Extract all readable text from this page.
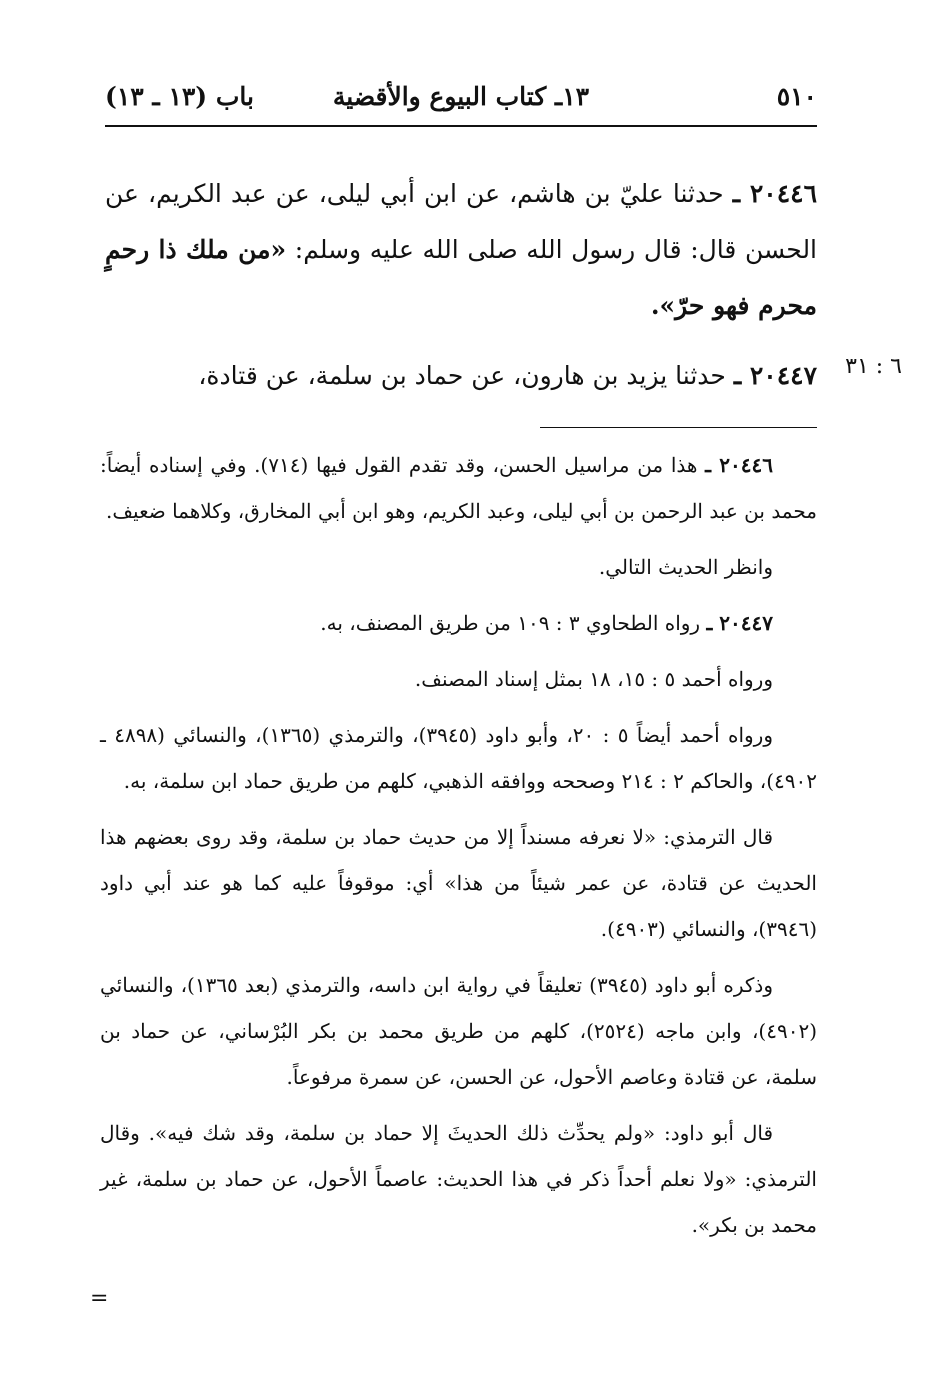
٥١٠
١٣ـ كتاب البيوع والأقضية
باب (١٣ ـ ١٣)
٦ : ٣١

٢٠٤٤٦ ـ حدثنا عليّ بن هاشم، عن ابن أبي ليلى، عن عبد الكريم، عن الحسن قال: قال رسول الله صلى الله عليه وسلم: «من ملك ذا رحمٍ محرم فهو حرّ».

٢٠٤٤٧ ـ حدثنا يزيد بن هارون، عن حماد بن سلمة، عن قتادة،

٢٠٤٤٦ ـ هذا من مراسيل الحسن، وقد تقدم القول فيها (٧١٤). وفي إسناده أيضاً: محمد بن عبد الرحمن بن أبي ليلى، وعبد الكريم، وهو ابن أبي المخارق، وكلاهما ضعيف.

وانظر الحديث التالي.

٢٠٤٤٧ ـ رواه الطحاوي ٣ : ١٠٩ من طريق المصنف، به.

ورواه أحمد ٥ : ١٥، ١٨ بمثل إسناد المصنف.

ورواه أحمد أيضاً ٥ : ٢٠، وأبو داود (٣٩٤٥)، والترمذي (١٣٦٥)، والنسائي (٤٨٩٨ ـ ٤٩٠٢)، والحاكم ٢ : ٢١٤ وصححه ووافقه الذهبي، كلهم من طريق حماد ابن سلمة، به.

قال الترمذي: «لا نعرفه مسنداً إلا من حديث حماد بن سلمة، وقد روى بعضهم هذا الحديث عن قتادة، عن عمر شيئاً من هذا» أي: موقوفاً عليه كما هو عند أبي داود (٣٩٤٦)، والنسائي (٤٩٠٣).

وذكره أبو داود (٣٩٤٥) تعليقاً في رواية ابن داسه، والترمذي (بعد ١٣٦٥)، والنسائي (٤٩٠٢)، وابن ماجه (٢٥٢٤)، كلهم من طريق محمد بن بكر البُرْساني، عن حماد بن سلمة، عن قتادة وعاصم الأحول، عن الحسن، عن سمرة مرفوعاً.

قال أبو داود: «ولم يحدِّث ذلك الحديثَ إلا حماد بن سلمة، وقد شك فيه». وقال الترمذي: «ولا نعلم أحداً ذكر في هذا الحديث: عاصماً الأحول، عن حماد بن سلمة، غير محمد بن بكر».

=
